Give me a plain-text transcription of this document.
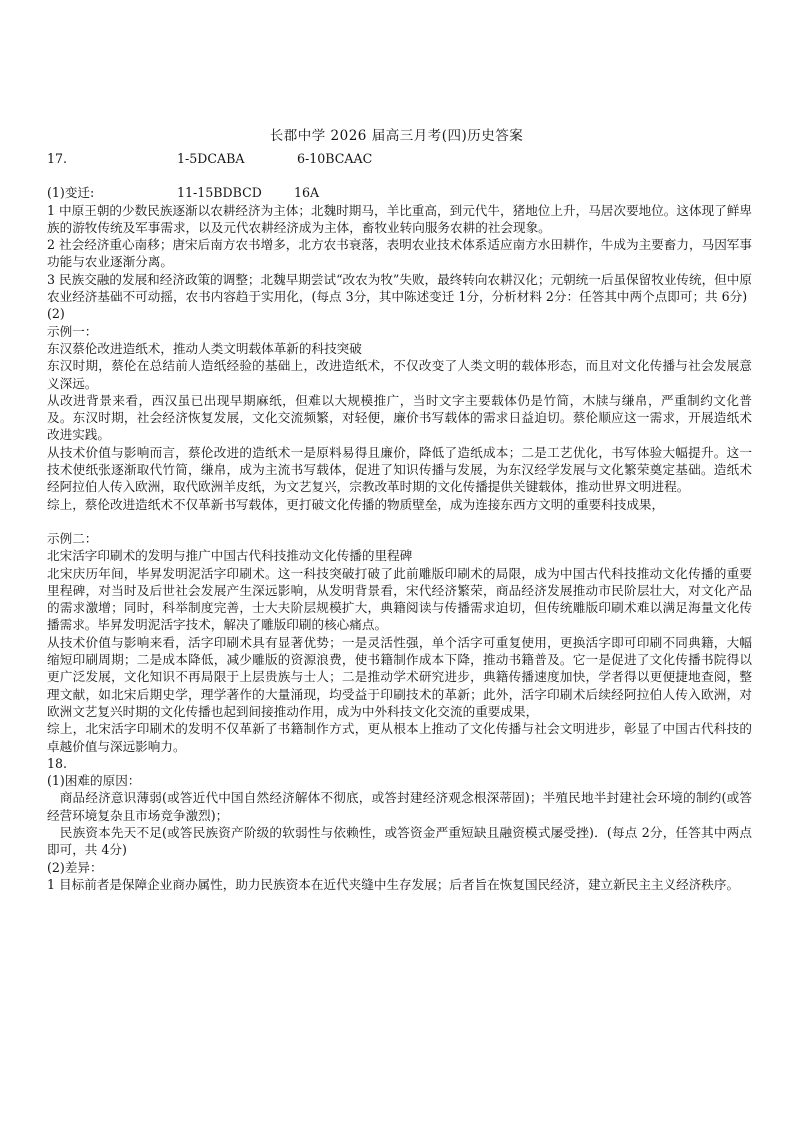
长郡中学 2026 届高三月考(四)历史答案
17.	1-5DCABA	6-10BCAAC
(1)变迁:	11-15BDBCD	16A

1 中原王朝的少数民族逐渐以农耕经济为主体；北魏时期马，羊比重高，到元代牛，猪地位上升，马居次要地位。这体现了鲜卑族的游牧传统及军事需求，以及元代农耕经济成为主体，畜牧业转向服务农耕的社会现象。

2 社会经济重心南移；唐宋后南方农书增多，北方农书衰落，表明农业技术体系适应南方水田耕作，牛成为主要畜力，马因军事功能与农业逐渐分离。

3 民族交融的发展和经济政策的调整；北魏早期尝试“改农为牧”失败，最终转向农耕汉化；元朝统一后虽保留牧业传统，但中原农业经济基础不可动摇，农书内容趋于实用化，(每点 3分，其中陈述变迁 1分，分析材料 2分：任答其中两个点即可；共 6分)

(2)

示例一：

东汉蔡伦改进造纸术，推动人类文明载体革新的科技突破

东汉时期，蔡伦在总结前人造纸经验的基础上，改进造纸术，不仅改变了人类文明的载体形态，而且对文化传播与社会发展意义深远。

从改进背景来看，西汉虽已出现早期麻纸，但难以大规模推广，当时文字主要载体仍是竹简，木牍与缣帛，严重制约文化普及。东汉时期，社会经济恢复发展，文化交流频繁，对轻便，廉价书写载体的需求日益迫切。蔡伦顺应这一需求，开展造纸术改进实践。

从技术价值与影响而言，蔡伦改进的造纸术一是原料易得且廉价，降低了造纸成本；二是工艺优化，书写体验大幅提升。这一技术使纸张逐渐取代竹简，缣帛，成为主流书写载体，促进了知识传播与发展，为东汉经学发展与文化繁荣奠定基础。造纸术经阿拉伯人传入欧洲，取代欧洲羊皮纸，为文艺复兴，宗教改革时期的文化传播提供关键载体，推动世界文明进程。

综上，蔡伦改进造纸术不仅革新书写载体，更打破文化传播的物质壁垒，成为连接东西方文明的重要科技成果，

示例二：

北宋活字印刷术的发明与推广中国古代科技推动文化传播的里程碑

北宋庆历年间，毕昇发明泥活字印刷术。这一科技突破打破了此前雕版印刷术的局限，成为中国古代科技推动文化传播的重要里程碑，对当时及后世社会发展产生深远影响，从发明背景看，宋代经济繁荣，商品经济发展推动市民阶层壮大，对文化产品的需求激增；同时，科举制度完善，士大夫阶层规模扩大，典籍阅读与传播需求迫切，但传统雕版印刷术难以满足海量文化传播需求。毕昇发明泥活字技术，解决了雕版印刷的核心痛点。

从技术价值与影响来看，活字印刷术具有显著优势；一是灵活性强，单个活字可重复使用，更换活字即可印刷不同典籍，大幅缩短印刷周期；二是成本降低，减少雕版的资源浪费，使书籍制作成本下降，推动书籍普及。它一是促进了文化传播书院得以更广泛发展，文化知识不再局限于上层贵族与士人；二是推动学术研究进步，典籍传播速度加快，学者得以更便捷地查阅，整理文献，如北宋后期史学，理学著作的大量涌现，均受益于印刷技术的革新；此外，活字印刷术后续经阿拉伯人传入欧洲，对欧洲文艺复兴时期的文化传播也起到间接推动作用，成为中外科技文化交流的重要成果，

综上，北宋活字印刷术的发明不仅革新了书籍制作方式，更从根本上推动了文化传播与社会文明进步，彰显了中国古代科技的卓越价值与深远影响力。

18.

(1)困难的原因：

　商品经济意识薄弱(或答近代中国自然经济解体不彻底，或答封建经济观念根深蒂固)；半殖民地半封建社会环境的制约(或答经营环境复杂且市场竞争激烈)；

　民族资本先天不足(或答民族资产阶级的软弱性与依赖性，或答资金严重短缺且融资模式屡受挫)．(每点 2分，任答其中两点即可，共 4分)

(2)差异：

1 目标前者是保障企业商办属性，助力民族资本在近代夹缝中生存发展；后者旨在恢复国民经济，建立新民主主义经济秩序。
